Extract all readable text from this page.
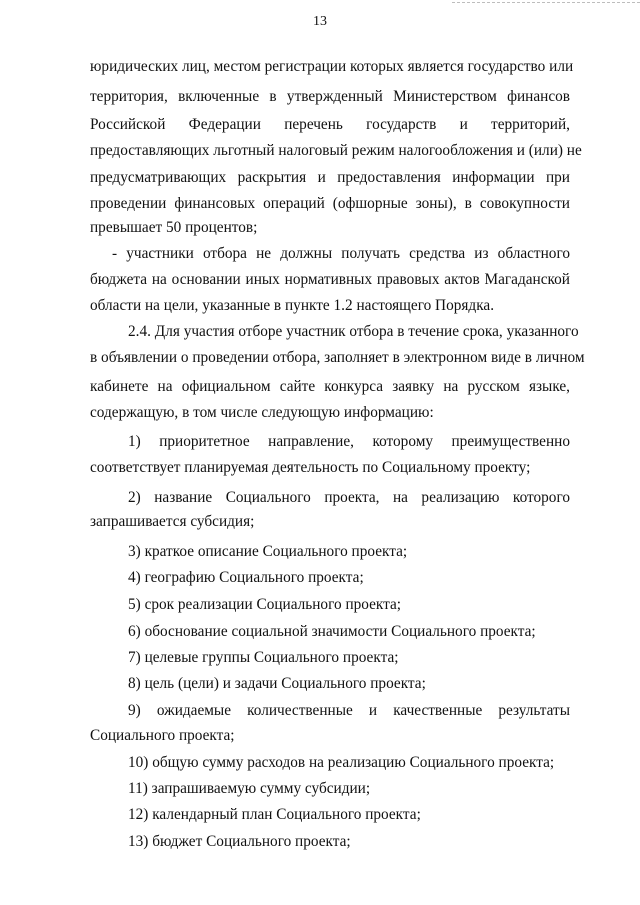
13
юридических лиц, местом регистрации которых является государство или
территория, включенные в утвержденный Министерством финансов
Российской Федерации перечень государств и территорий,
предоставляющих льготный налоговый режим налогообложения и (или) не
предусматривающих раскрытия и предоставления информации при
проведении финансовых операций (офшорные зоны), в совокупности
превышает 50 процентов;
- участники отбора не должны получать средства из областного
бюджета на основании иных нормативных правовых актов Магаданской
области на цели, указанные в пункте 1.2 настоящего Порядка.
2.4. Для участия отборе участник отбора в течение срока, указанного
в объявлении о проведении отбора, заполняет в электронном виде в личном
кабинете на официальном сайте конкурса заявку на русском языке,
содержащую, в том числе следующую информацию:
1) приоритетное направление, которому преимущественно
соответствует планируемая деятельность по Социальному проекту;
2) название Социального проекта, на реализацию которого
запрашивается субсидия;
3) краткое описание Социального проекта;
4) географию Социального проекта;
5) срок реализации Социального проекта;
6) обоснование социальной значимости Социального проекта;
7) целевые группы Социального проекта;
8) цель (цели) и задачи Социального проекта;
9) ожидаемые количественные и качественные результаты
Социального проекта;
10) общую сумму расходов на реализацию Социального проекта;
11) запрашиваемую сумму субсидии;
12) календарный план Социального проекта;
13) бюджет Социального проекта;
